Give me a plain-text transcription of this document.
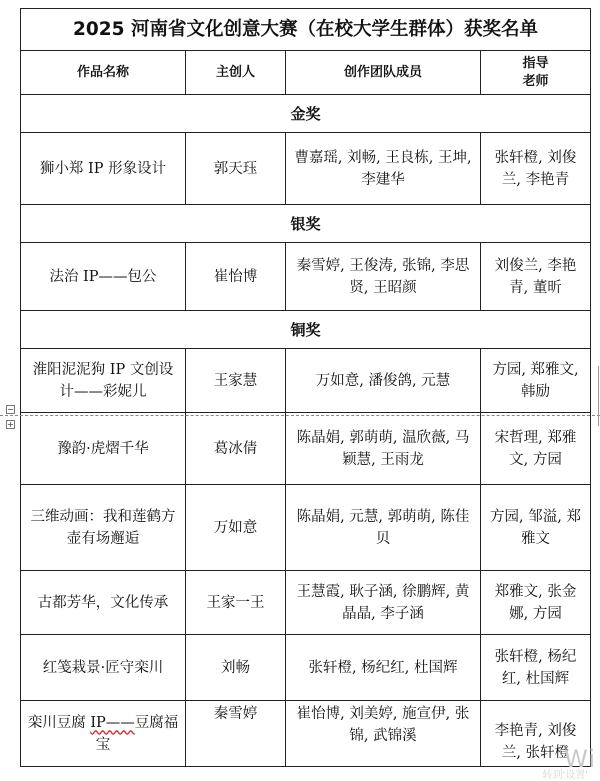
2025 河南省文化创意大赛（在校大学生群体）获奖名单			
作品名称	主创人	创作团队成员	指导
老师
金奖			
狮小郑 IP 形象设计	郭天珏	曹嘉瑶, 刘畅, 王良栋, 王坤, 李建华	张轩橙, 刘俊兰, 李艳青
银奖			
法治 IP——包公	崔怡博	秦雪婷, 王俊涛, 张锦, 李思贤, 王昭颜	刘俊兰, 李艳青, 董昕
铜奖			
淮阳泥泥狗 IP 文创设计——彩妮儿	王家慧	万如意, 潘俊鸽, 元慧	方园, 郑雅文, 韩励
豫韵·虎熠千华	葛冰倩	陈晶娟, 郭萌萌, 温欣薇, 马颖慧, 王雨龙	宋哲理, 郑雅文, 方园
三维动画：我和莲鹤方壶有场邂逅	万如意	陈晶娟, 元慧, 郭萌萌, 陈佳贝	方园, 邹溢, 郑雅文
古都芳华，文化传承	王家一王	王慧霞, 耿子涵, 徐鹏辉, 黄晶晶, 李子涵	郑雅文, 张金娜, 方园
红笺栽景·匠守栾川	刘畅	张轩橙, 杨纪红, 杜国辉	张轩橙, 杨纪红, 杜国辉
栾川豆腐 IP——豆腐福宝	秦雪婷	崔怡博, 刘美婷, 施宣伊, 张锦, 武锦溪	李艳青, 刘俊兰, 张轩橙
−
+
Wi
转到'设置'
